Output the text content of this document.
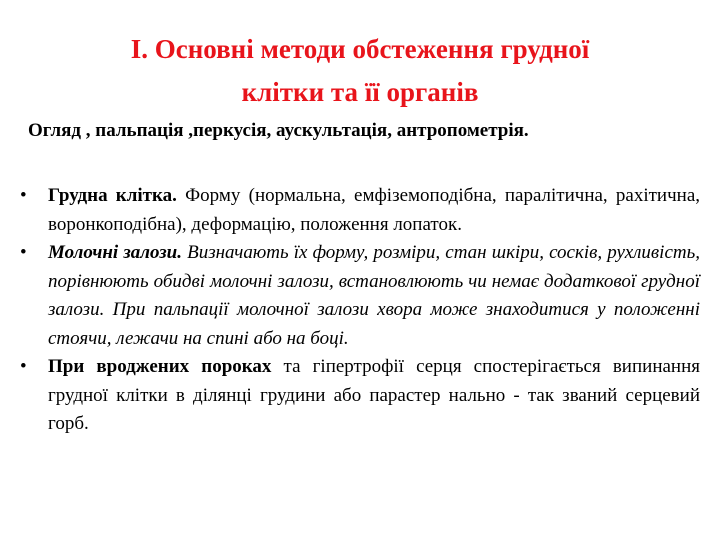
I. Основні методи обстеження грудної
клітки та її органів
Огляд , пальпація ,перкусія, аускультація, антропометрія.
• Грудна клітка. Форму (нормальна, емфіземоподібна, паралітична, рахітична, воронкоподібна), деформацію, положення лопаток.
• Молочні залози. Визначають їх форму, розміри, стан шкіри, сосків, рухливість, порівнюють обидві молочні залози, встановлюють чи немає додаткової грудної залози. При пальпації молочної залози хвора може знаходитися у положенні стоячи, лежачи на спині або на боці.
• При вроджених пороках та гіпертрофії серця спостерігається випинання грудної клітки в ділянці грудини або парастер нально - так званий серцевий горб.
